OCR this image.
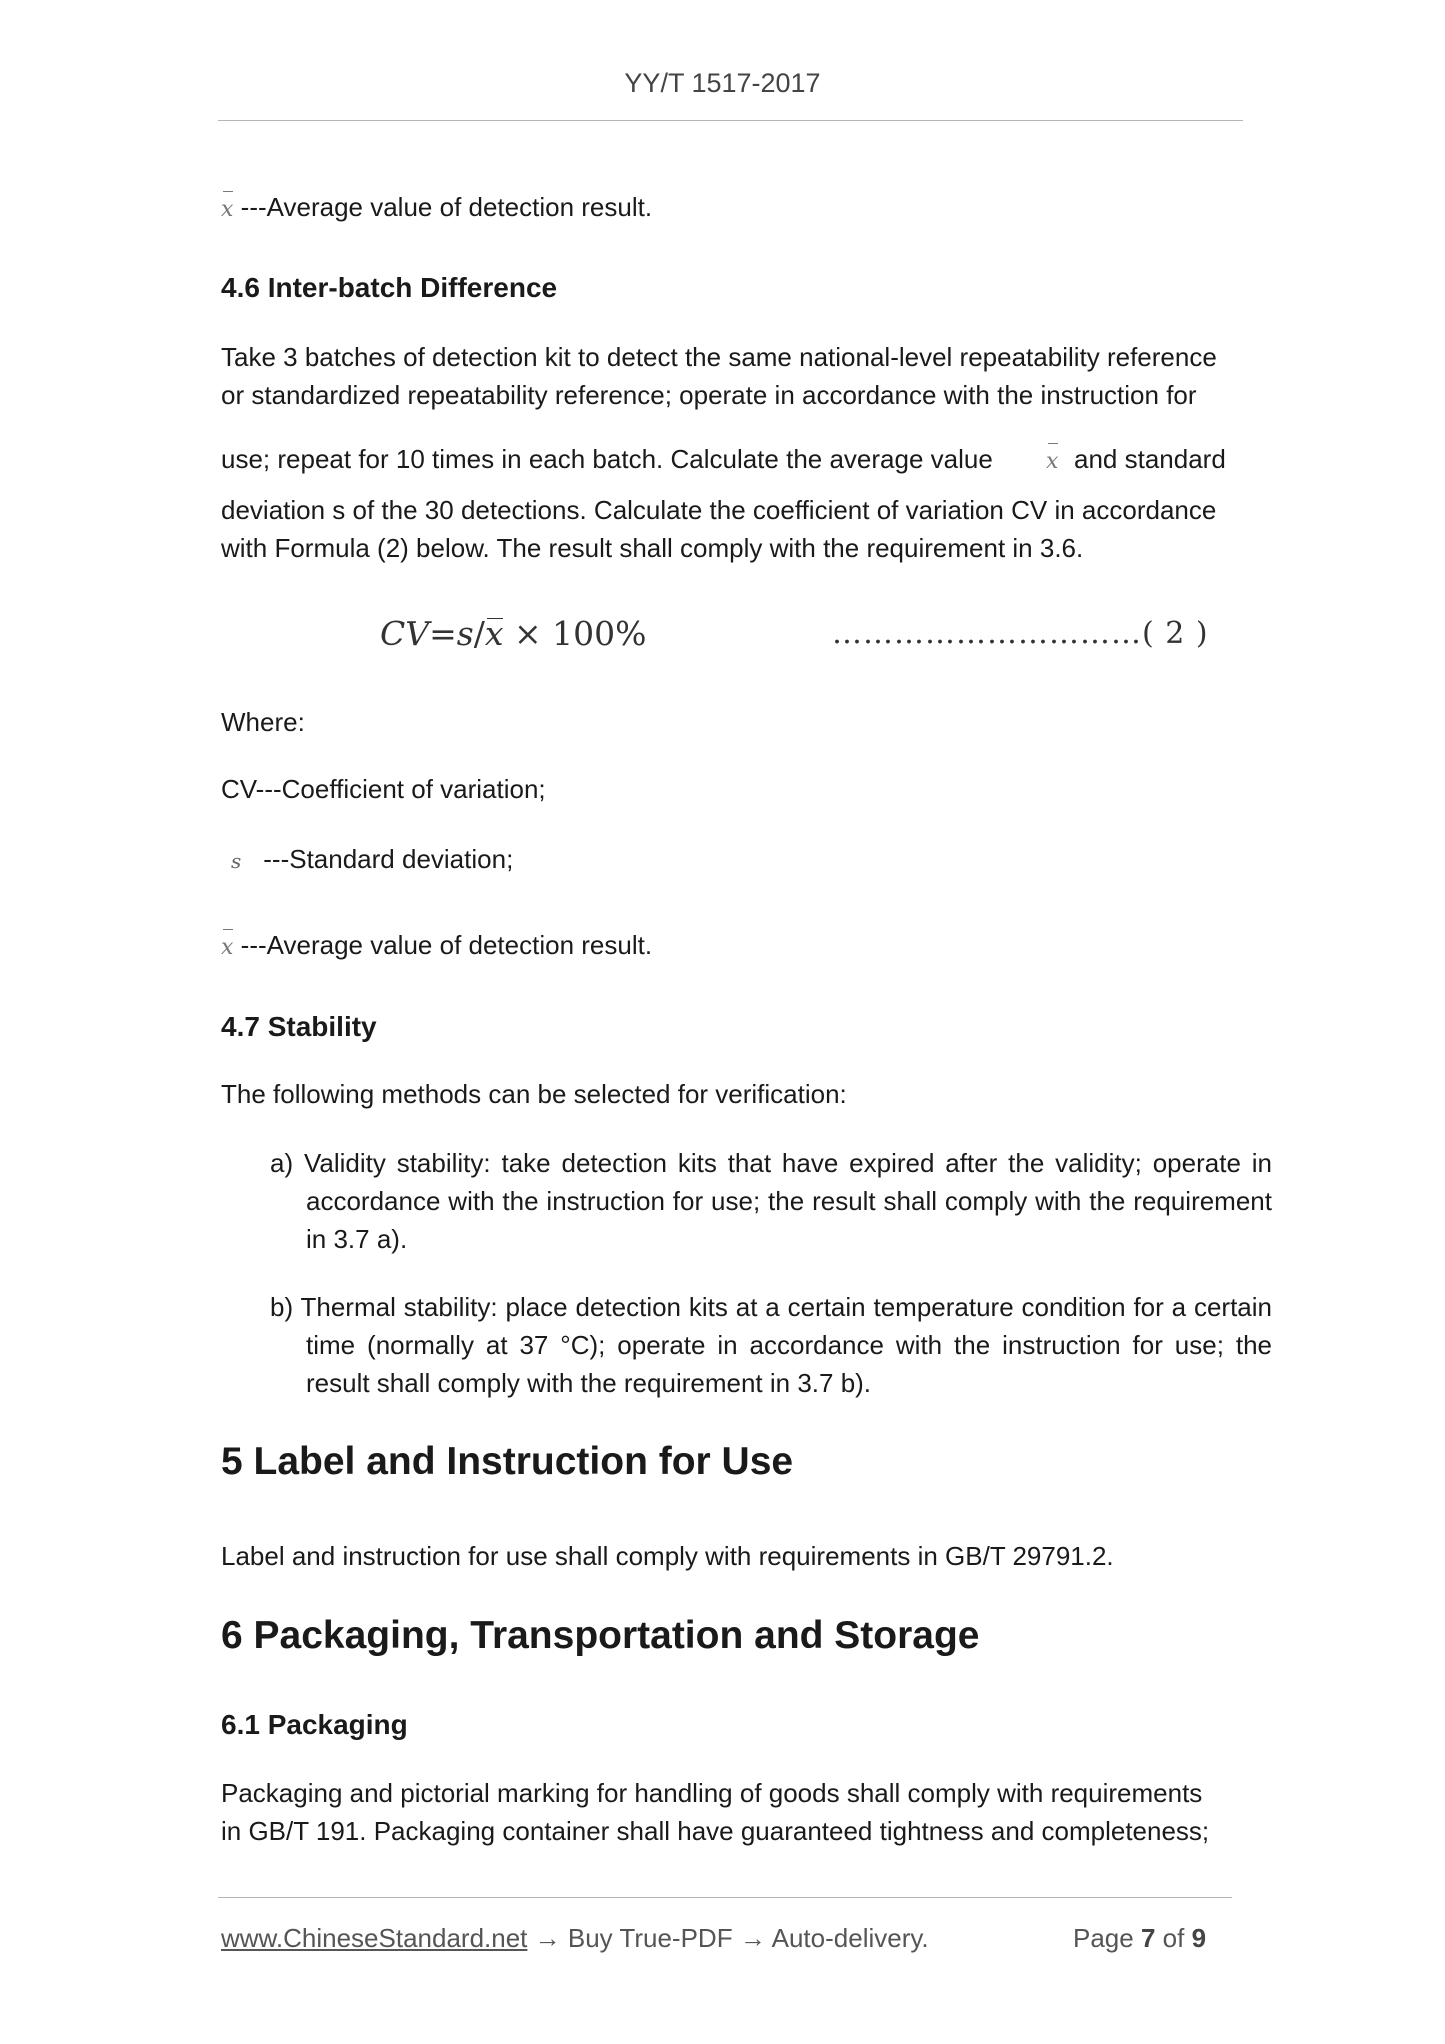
YY/T 1517-2017
x ---Average value of detection result.
4.6 Inter-batch Difference
Take 3 batches of detection kit to detect the same national-level repeatability reference
or standardized repeatability reference; operate in accordance with the instruction for
use; repeat for 10 times in each batch. Calculate the average value	x and standard
deviation s of the 30 detections. Calculate the coefficient of variation CV in accordance
with Formula (2) below. The result shall comply with the requirement in 3.6.
CV=s/x × 100%	…………………………( 2 )
Where:
CV---Coefficient of variation;
s ---Standard deviation;
x ---Average value of detection result.
4.7 Stability
The following methods can be selected for verification:
a) Validity stability: take detection kits that have expired after the validity; operate in accordance with the instruction for use; the result shall comply with the requirement in 3.7 a).
b) Thermal stability: place detection kits at a certain temperature condition for a certain time (normally at 37 °C); operate in accordance with the instruction for use; the result shall comply with the requirement in 3.7 b).
5 Label and Instruction for Use
Label and instruction for use shall comply with requirements in GB/T 29791.2.
6 Packaging, Transportation and Storage
6.1 Packaging
Packaging and pictorial marking for handling of goods shall comply with requirements
in GB/T 191. Packaging container shall have guaranteed tightness and completeness;
www.ChineseStandard.net → Buy True-PDF → Auto-delivery.	Page 7 of 9
